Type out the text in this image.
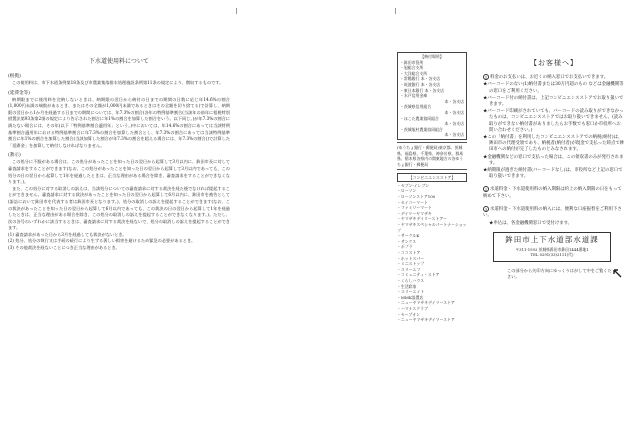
下水道使用料について
(根拠)

この使用料は、市下水道条例第18条及び市農業集落排水処理施設条例第11条の規定により、徴収するものです。

(延滞金等)

納期限までに使用料を完納しないときは、納期限の翌日から納付の日までの期間の日数に応じ年14.6%の割合(1,000円未満の端数があるとき、またはその全額が1,000円未満であるときはその全額を切り捨てる)で計算し、納期限の翌日から1か月を経過する日までの期間については、年7.3%の割合(各年の特例基準割合(当該年の前年に租税特別措置法第93条第2項の規定により告示された割合に年1%の割合を加算した割合をいう。以下同じ。)が年7.3%の割合に満たない場合には、その年(以下「特例基準割合適用年」という。)中においては、年14.6%の割合にあっては当該特例基準割合適用年における特例基準割合に年7.3%の割合を加算した割合とし、年7.3%の割合にあっては当該特例基準割合に年1%の割合を加算した割合(当該加算した割合が年7.3%の割合を超える場合には、年7.3%の割合))で計算した「延滞金」を加算して納付しなければなりません。

(教示)

この処分に不服がある場合は、この処分があったことを知った日の翌日から起算して3月以内に、鉾田市長に対して審査請求をすることができます(なお、この処分があったことを知った日の翌日から起算して3月以内であっても、この処分の日の翌日から起算して1年を経過したときは、正当な理由がある場合を除き、審査請求をすることができなくなります。)。

また、この処分に対する取消しの訴えは、当該処分についての審査請求に対する裁決を経た後でなければ提起することができません。審査請求に対する裁決があったことを知った日の翌日から起算して6月以内に、鉾田市を被告として(訴訟において鉾田市を代表する者は鉾田市長となります。)、処分の取消しの訴えを提起することができます(なお、この裁決があったことを知った日の翌日から起算して6月以内であっても、この裁決の日の翌日から起算して1年を経過したときは、正当な理由がある場合を除き、この処分の取消しの訴えを提起することができなくなります。)。ただし、次の各号のいずれかに該当するときは、審査請求に対する裁決を経ないで、処分の取消しの訴えを提起することができます。

(1) 審査請求があった日から3月を経過しても裁決がないとき。
(2) 処分、処分の執行又は手続の続行により生ずる著しい損害を避けるため緊急の必要があるとき。
(3) その他裁決を経ないことにつき正当な理由があるとき。
【納付場所】
・鉾田市役所
・旭総合支所
・大洋総合支所
・常陽銀行 本・各支店
・筑波銀行 本・各支店
・東日本銀行 本・各支店
・水戸信用金庫
本・各支店
・茨城県信用組合
本・各支店
・ほこた農業協同組合
本・各支店
・茨城旭村農業協同組合
本・各支店
(ゆうちょ銀行・郵便局)東京都、茨城県、福島県、千葉県、神奈川県、群馬県、栃木県各県内の関東地方の各ゆうちょ銀行・郵便局
【コンビニエンスストア】
・セブン-イレブン
・ローソン
・ローソンストア100
・セイコーマート
・ファミリーマート
・デイリーヤマザキ
・ヤマザキデイリーストアー
・ヤマザキスペシャルパートナーショップ
・サークルK
・サンクス
・ポプラ
・ココストア
・ホットスパー
・ミニストップ
・スリーエフ
・コミュニティ・ストア
・くらしハウス
・生活彩家
・スリーエイト
・MMK設置店
・ニューヤマザキデイリーストア
・ハマナスクラブ
・セーブオン
・ニューヤマザキデイリーストア
【お客様へ】
1 料金のお支払いは、お近くの納入窓口でお支払いできます。
★バーコードのない(1)納付書または30万円超のもの などは金融機関等の窓口をご利用ください。
★バーコード付の納付書は、上記コンビニエンスストアでお取り扱いできます。
★バーコード印刷がされていても、バーコードの読み取りができなかったものは、コンビニエンスストアではお取り扱いできません。(読み取りができない納付書がありましたらお手数でも窓口か市役所へお問い合わせください。)
★この「納付書」を利用したコンビニエンスストアでの納税(納付)は、鉾田市の代理受領であり、納税者(納付者)が現金で支払った時点で鉾田市への納付が完了したものとみなされます。
★金融機関などの窓口で支払った場合は、この領収書のみが発行されます。
★納期限が過ぎた納付書(バーコードなし)は、市役所など上記の窓口で取り扱いできます。
2 水道料金・下水道使用料の納入期限は約上の納入期限の日をもって納めて下さい。
3 水道料金・下水道使用料の納入には、便利な口座振替をご利用下さい。
★申込は、各金融機関窓口で受付けます。
鉾田市上下水道部水道課
〒311-1592 茨城県鉾田市鉾田1444番地1
TEL 0291(33)2111(代)
この部分から矢印方向にゆっくりはがして中をご覧ください。
